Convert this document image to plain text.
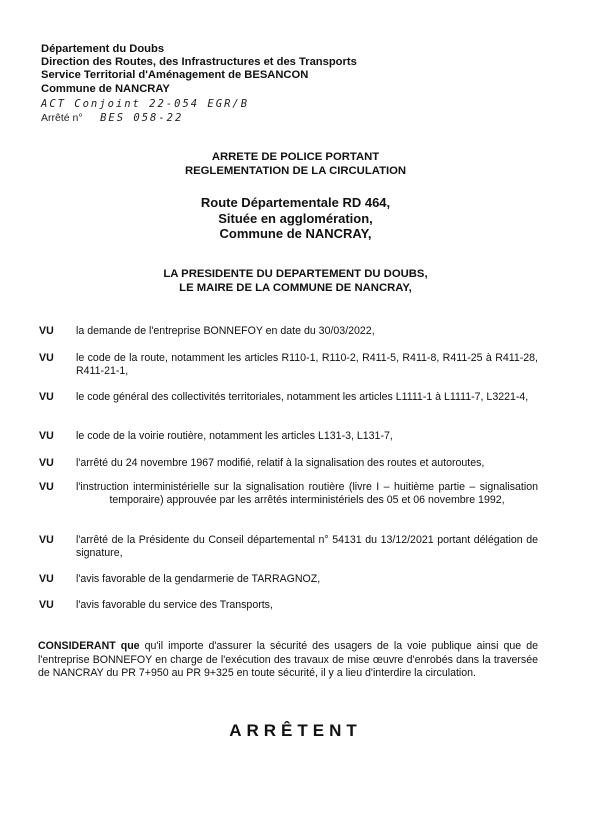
Département du Doubs
Direction des Routes, des Infrastructures et des Transports
Service Territorial d'Aménagement de BESANCON
Commune de NANCRAY
ACT Conjoint 22-054 EGR/B
Arrêté n° BES 058-22
ARRETE DE POLICE PORTANT
REGLEMENTATION DE LA CIRCULATION
Route Départementale RD 464,
Située en agglomération,
Commune de NANCRAY,
LA PRESIDENTE DU DEPARTEMENT DU DOUBS,
LE MAIRE DE LA COMMUNE DE NANCRAY,
VU la demande de l'entreprise BONNEFOY en date du 30/03/2022,
VU le code de la route, notamment les articles R110-1, R110-2, R411-5, R411-8, R411-25 à R411-28, R411-21-1,
VU le code général des collectivités territoriales, notamment les articles L1111-1 à L1111-7, L3221-4,
VU le code de la voirie routière, notamment les articles L131-3, L131-7,
VU l'arrêté du 24 novembre 1967 modifié, relatif à la signalisation des routes et autoroutes,
VU l'instruction interministérielle sur la signalisation routière (livre I – huitième partie – signalisation temporaire) approuvée par les arrêtés interministériels des 05 et 06 novembre 1992,
VU l'arrêté de la Présidente du Conseil départemental n° 54131 du 13/12/2021 portant délégation de signature,
VU l'avis favorable de la gendarmerie de TARRAGNOZ,
VU l'avis favorable du service des Transports,
CONSIDERANT que qu'il importe d'assurer la sécurité des usagers de la voie publique ainsi que de l'entreprise BONNEFOY en charge de l'exécution des travaux de mise œuvre d'enrobés dans la traversée de NANCRAY du PR 7+950 au PR 9+325 en toute sécurité, il y a lieu d'interdire la circulation.
ARRÊTENT
